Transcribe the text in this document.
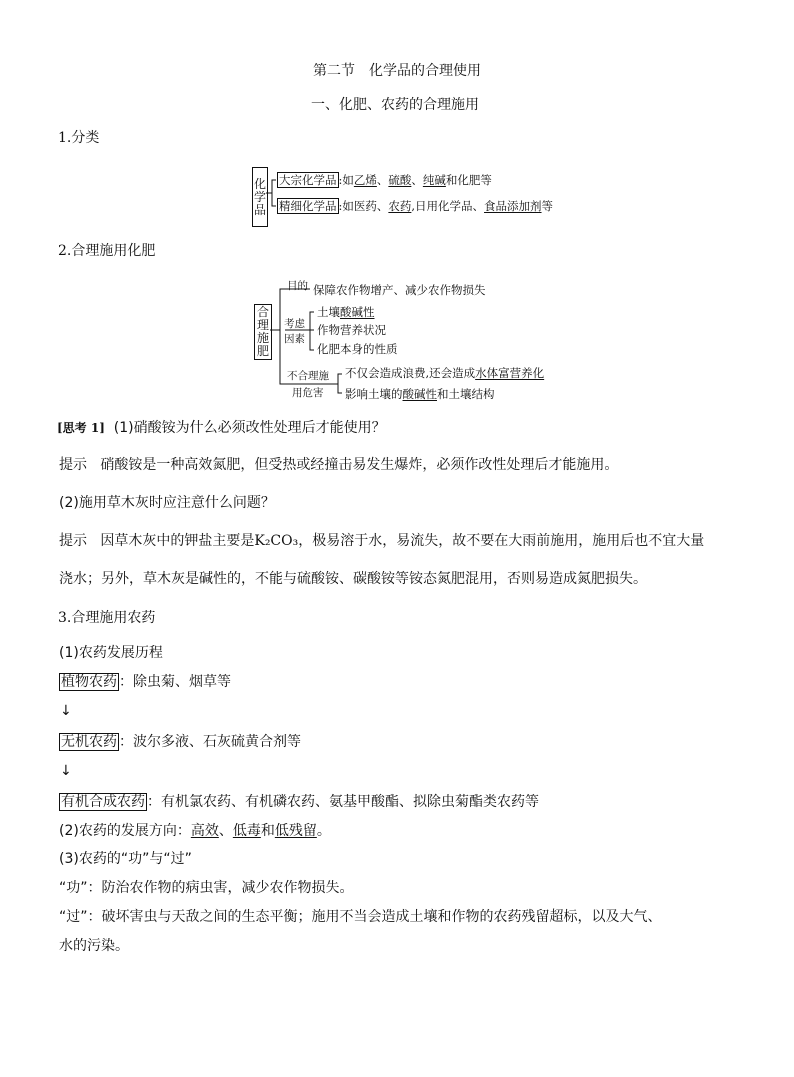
第二节　化学品的合理使用
一、化肥、农药的合理施用
1.分类
化
学
品
大宗化学品 :如乙烯、硫酸、纯碱和化肥等
精细化学品 :如医药、农药,日用化学品、食品添加剂等
2.合理施用化肥
合
理
施
肥
目的 保障农作物增产、减少农作物损失
考虑
因素
土壤酸碱性
作物营养状况
化肥本身的性质
不合理施
用危害
不仅会造成浪费,还会造成水体富营养化
影响土壤的酸碱性和土壤结构
[思考 1] (1)硝酸铵为什么必须改性处理后才能使用？
提示 硝酸铵是一种高效氮肥，但受热或经撞击易发生爆炸，必须作改性处理后才能施用。
(2)施用草木灰时应注意什么问题？
提示 因草木灰中的钾盐主要是K₂CO₃，极易溶于水，易流失，故不要在大雨前施用，施用后也不宜大量
浇水；另外，草木灰是碱性的，不能与硫酸铵、碳酸铵等铵态氮肥混用，否则易造成氮肥损失。
3.合理施用农药
(1)农药发展历程
植物农药 ：除虫菊、烟草等
↓
无机农药 ：波尔多液、石灰硫黄合剂等
↓
有机合成农药 ：有机氯农药、有机磷农药、氨基甲酸酯、拟除虫菊酯类农药等
(2)农药的发展方向：高效、低毒和低残留。
(3)农药的“功”与“过”
“功”：防治农作物的病虫害，减少农作物损失。
“过”：破坏害虫与天敌之间的生态平衡；施用不当会造成土壤和作物的农药残留超标，以及大气、
水的污染。
